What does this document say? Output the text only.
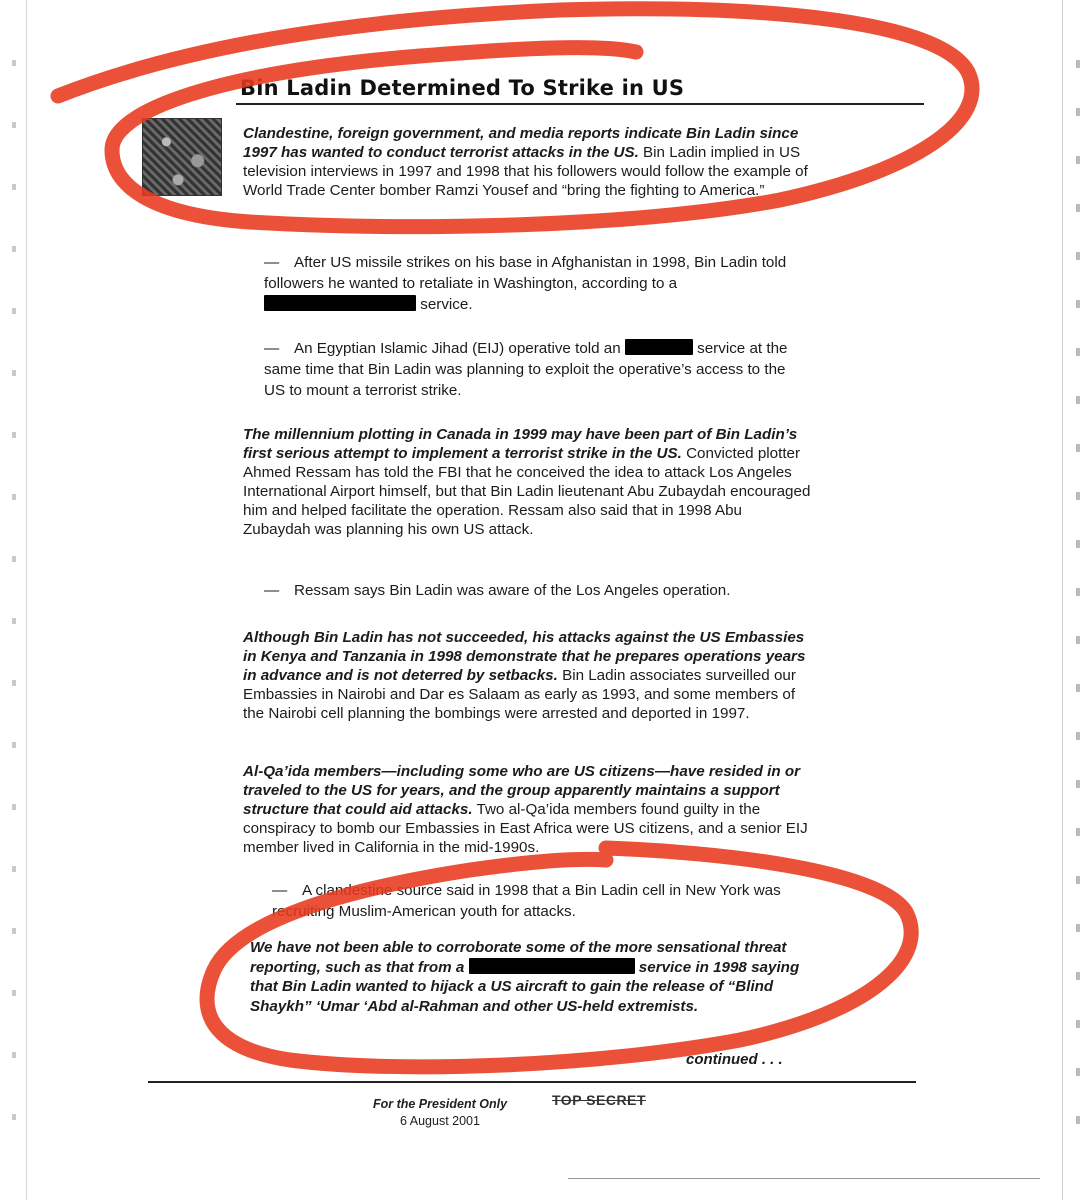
Bin Ladin Determined To Strike in US
Clandestine, foreign government, and media reports indicate Bin Ladin since 1997 has wanted to conduct terrorist attacks in the US. Bin Ladin implied in US television interviews in 1997 and 1998 that his followers would follow the example of World Trade Center bomber Ramzi Yousef and “bring the fighting to America.”
— After US missile strikes on his base in Afghanistan in 1998, Bin Ladin told followers he wanted to retaliate in Washington, according to a  service.
— An Egyptian Islamic Jihad (EIJ) operative told an	service at the same time that Bin Ladin was planning to exploit the operative’s access to the US to mount a terrorist strike.
The millennium plotting in Canada in 1999 may have been part of Bin Ladin’s first serious attempt to implement a terrorist strike in the US. Convicted plotter Ahmed Ressam has told the FBI that he conceived the idea to attack Los Angeles International Airport himself, but that Bin Ladin lieutenant Abu Zubaydah encouraged him and helped facilitate the operation. Ressam also said that in 1998 Abu Zubaydah was planning his own US attack.
— Ressam says Bin Ladin was aware of the Los Angeles operation.
Although Bin Ladin has not succeeded, his attacks against the US Embassies in Kenya and Tanzania in 1998 demonstrate that he prepares operations years in advance and is not deterred by setbacks. Bin Ladin associates surveilled our Embassies in Nairobi and Dar es Salaam as early as 1993, and some members of the Nairobi cell planning the bombings were arrested and deported in 1997.
Al-Qa’ida members—including some who are US citizens—have resided in or traveled to the US for years, and the group apparently maintains a support structure that could aid attacks. Two al-Qa’ida members found guilty in the conspiracy to bomb our Embassies in East Africa were US citizens, and a senior EIJ member lived in California in the mid-1990s.
— A clandestine source said in 1998 that a Bin Ladin cell in New York was recruiting Muslim-American youth for attacks.
We have not been able to corroborate some of the more sensational threat reporting, such as that from a	service in 1998 saying that Bin Ladin wanted to hijack a US aircraft to gain the release of “Blind Shaykh” ‘Umar ‘Abd al-Rahman and other US-held extremists.
continued . . .
For the President Only
6 August 2001
TOP SECRET
